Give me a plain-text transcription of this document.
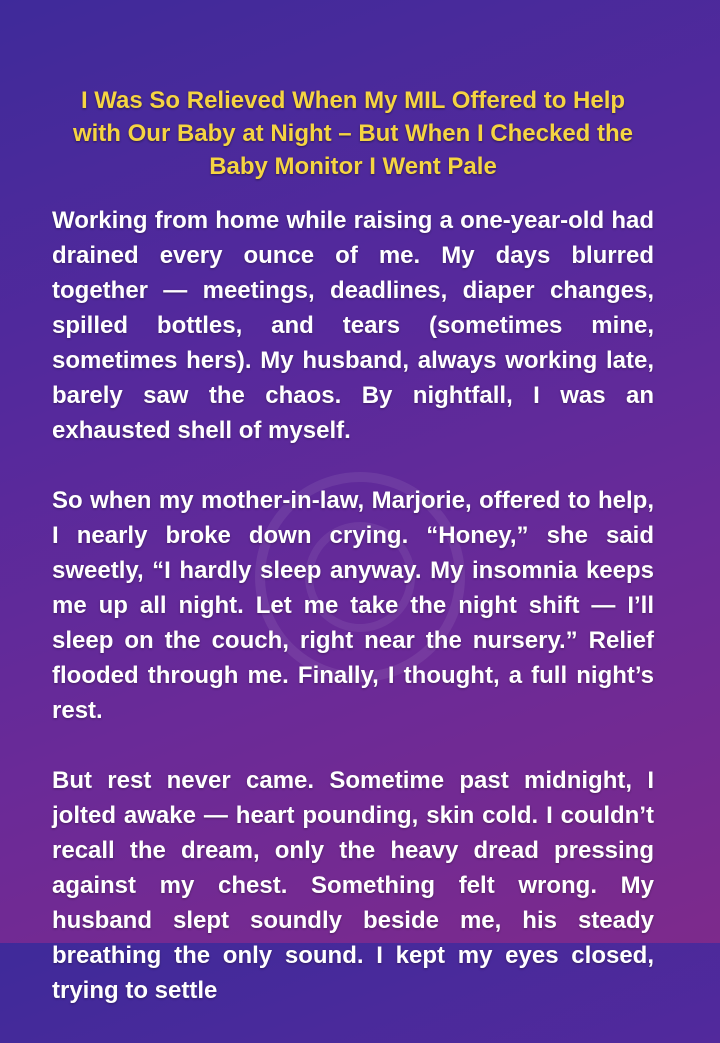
I Was So Relieved When My MIL Offered to Help with Our Baby at Night – But When I Checked the Baby Monitor I Went Pale

Working from home while raising a one-year-old had drained every ounce of me. My days blurred together — meetings, deadlines, diaper changes, spilled bottles, and tears (sometimes mine, sometimes hers). My husband, always working late, barely saw the chaos. By nightfall, I was an exhausted shell of myself.

So when my mother-in-law, Marjorie, offered to help, I nearly broke down crying. “Honey,” she said sweetly, “I hardly sleep anyway. My insomnia keeps me up all night. Let me take the night shift — I’ll sleep on the couch, right near the nursery.” Relief flooded through me. Finally, I thought, a full night’s rest.

But rest never came. Sometime past midnight, I jolted awake — heart pounding, skin cold. I couldn’t recall the dream, only the heavy dread pressing against my chest. Something felt wrong. My husband slept soundly beside me, his steady breathing the only sound. I kept my eyes closed, trying to settle
